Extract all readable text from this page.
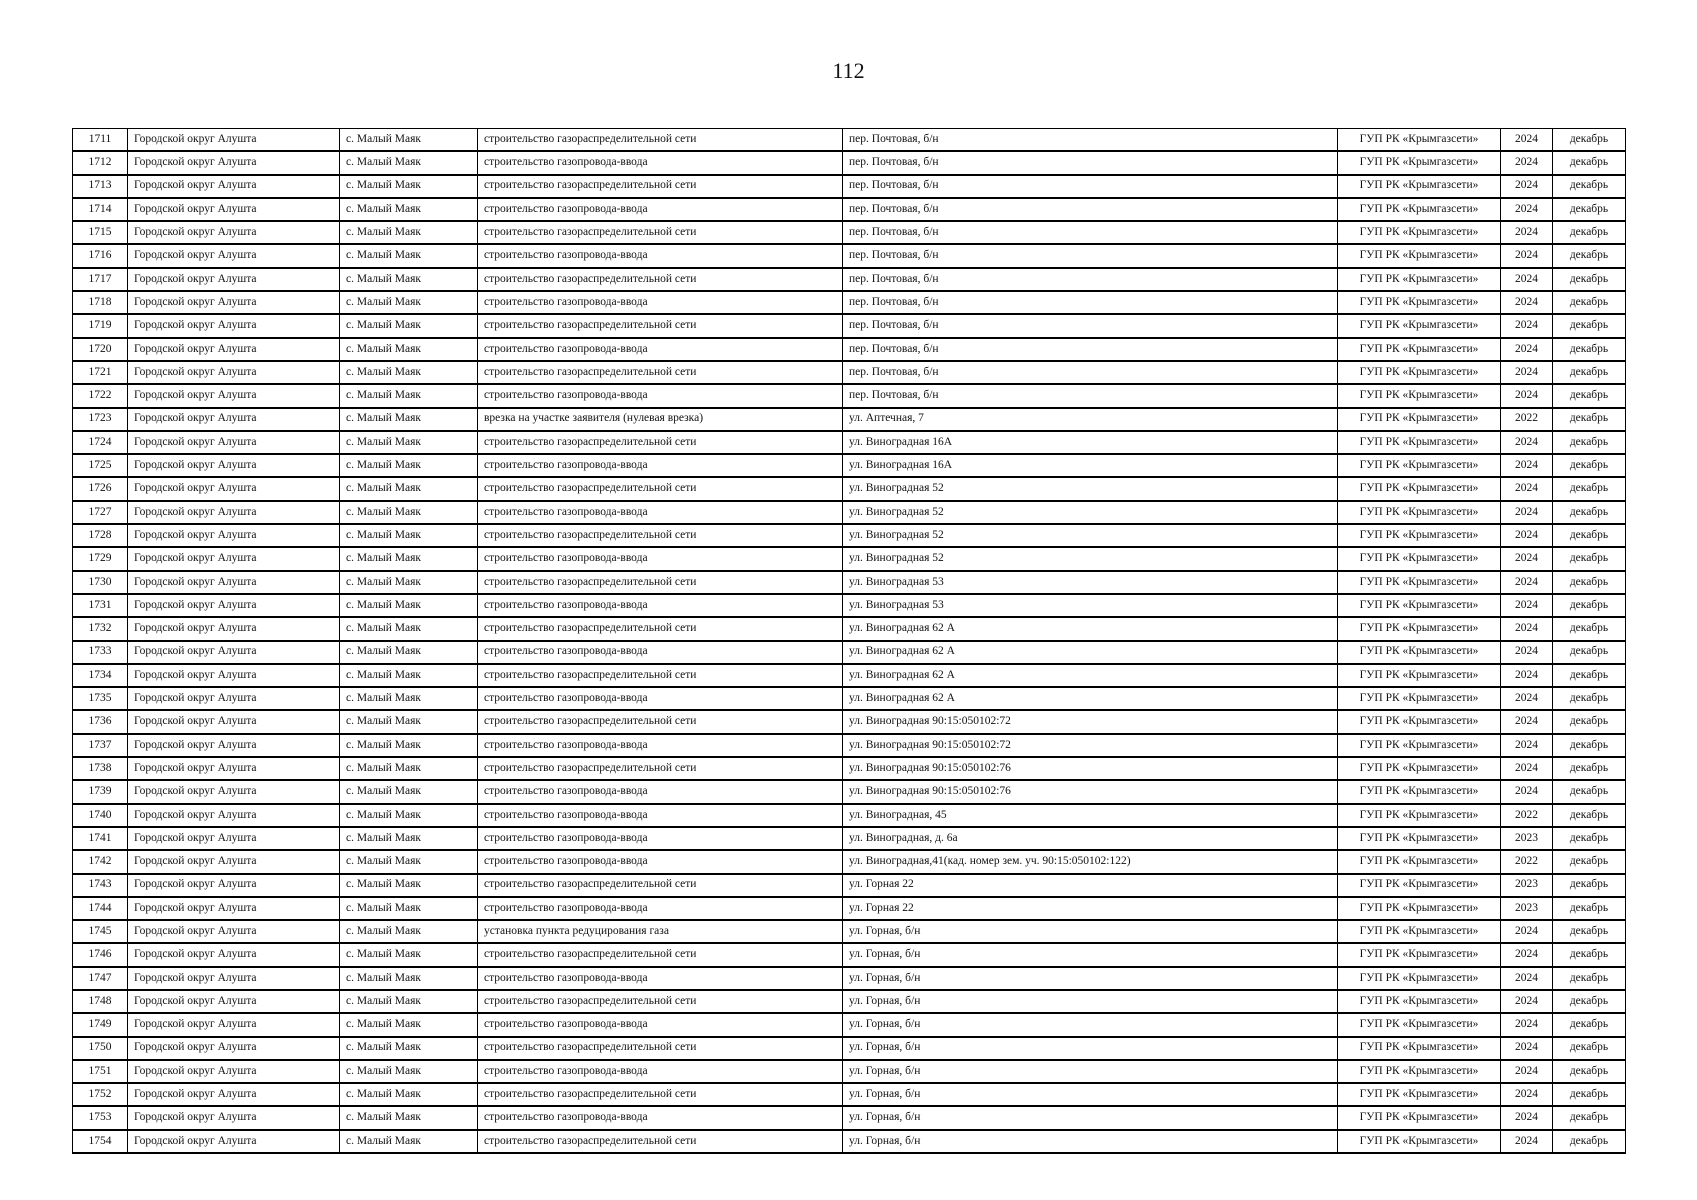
112
1711	Городской округ Алушта	с. Малый Маяк	строительство газораспределительной сети	пер. Почтовая, б/н	ГУП РК «Крымгазсети»	2024	декабрь
1712	Городской округ Алушта	с. Малый Маяк	строительство газопровода-ввода	пер. Почтовая, б/н	ГУП РК «Крымгазсети»	2024	декабрь
1713	Городской округ Алушта	с. Малый Маяк	строительство газораспределительной сети	пер. Почтовая, б/н	ГУП РК «Крымгазсети»	2024	декабрь
1714	Городской округ Алушта	с. Малый Маяк	строительство газопровода-ввода	пер. Почтовая, б/н	ГУП РК «Крымгазсети»	2024	декабрь
1715	Городской округ Алушта	с. Малый Маяк	строительство газораспределительной сети	пер. Почтовая, б/н	ГУП РК «Крымгазсети»	2024	декабрь
1716	Городской округ Алушта	с. Малый Маяк	строительство газопровода-ввода	пер. Почтовая, б/н	ГУП РК «Крымгазсети»	2024	декабрь
1717	Городской округ Алушта	с. Малый Маяк	строительство газораспределительной сети	пер. Почтовая, б/н	ГУП РК «Крымгазсети»	2024	декабрь
1718	Городской округ Алушта	с. Малый Маяк	строительство газопровода-ввода	пер. Почтовая, б/н	ГУП РК «Крымгазсети»	2024	декабрь
1719	Городской округ Алушта	с. Малый Маяк	строительство газораспределительной сети	пер. Почтовая, б/н	ГУП РК «Крымгазсети»	2024	декабрь
1720	Городской округ Алушта	с. Малый Маяк	строительство газопровода-ввода	пер. Почтовая, б/н	ГУП РК «Крымгазсети»	2024	декабрь
1721	Городской округ Алушта	с. Малый Маяк	строительство газораспределительной сети	пер. Почтовая, б/н	ГУП РК «Крымгазсети»	2024	декабрь
1722	Городской округ Алушта	с. Малый Маяк	строительство газопровода-ввода	пер. Почтовая, б/н	ГУП РК «Крымгазсети»	2024	декабрь
1723	Городской округ Алушта	с. Малый Маяк	врезка на участке заявителя (нулевая врезка)	ул. Аптечная, 7	ГУП РК «Крымгазсети»	2022	декабрь
1724	Городской округ Алушта	с. Малый Маяк	строительство газораспределительной сети	ул. Виноградная 16А	ГУП РК «Крымгазсети»	2024	декабрь
1725	Городской округ Алушта	с. Малый Маяк	строительство газопровода-ввода	ул. Виноградная 16А	ГУП РК «Крымгазсети»	2024	декабрь
1726	Городской округ Алушта	с. Малый Маяк	строительство газораспределительной сети	ул. Виноградная 52	ГУП РК «Крымгазсети»	2024	декабрь
1727	Городской округ Алушта	с. Малый Маяк	строительство газопровода-ввода	ул. Виноградная 52	ГУП РК «Крымгазсети»	2024	декабрь
1728	Городской округ Алушта	с. Малый Маяк	строительство газораспределительной сети	ул. Виноградная 52	ГУП РК «Крымгазсети»	2024	декабрь
1729	Городской округ Алушта	с. Малый Маяк	строительство газопровода-ввода	ул. Виноградная 52	ГУП РК «Крымгазсети»	2024	декабрь
1730	Городской округ Алушта	с. Малый Маяк	строительство газораспределительной сети	ул. Виноградная 53	ГУП РК «Крымгазсети»	2024	декабрь
1731	Городской округ Алушта	с. Малый Маяк	строительство газопровода-ввода	ул. Виноградная 53	ГУП РК «Крымгазсети»	2024	декабрь
1732	Городской округ Алушта	с. Малый Маяк	строительство газораспределительной сети	ул. Виноградная 62 А	ГУП РК «Крымгазсети»	2024	декабрь
1733	Городской округ Алушта	с. Малый Маяк	строительство газопровода-ввода	ул. Виноградная 62 А	ГУП РК «Крымгазсети»	2024	декабрь
1734	Городской округ Алушта	с. Малый Маяк	строительство газораспределительной сети	ул. Виноградная 62 А	ГУП РК «Крымгазсети»	2024	декабрь
1735	Городской округ Алушта	с. Малый Маяк	строительство газопровода-ввода	ул. Виноградная 62 А	ГУП РК «Крымгазсети»	2024	декабрь
1736	Городской округ Алушта	с. Малый Маяк	строительство газораспределительной сети	ул. Виноградная 90:15:050102:72	ГУП РК «Крымгазсети»	2024	декабрь
1737	Городской округ Алушта	с. Малый Маяк	строительство газопровода-ввода	ул. Виноградная 90:15:050102:72	ГУП РК «Крымгазсети»	2024	декабрь
1738	Городской округ Алушта	с. Малый Маяк	строительство газораспределительной сети	ул. Виноградная 90:15:050102:76	ГУП РК «Крымгазсети»	2024	декабрь
1739	Городской округ Алушта	с. Малый Маяк	строительство газопровода-ввода	ул. Виноградная 90:15:050102:76	ГУП РК «Крымгазсети»	2024	декабрь
1740	Городской округ Алушта	с. Малый Маяк	строительство газопровода-ввода	ул. Виноградная, 45	ГУП РК «Крымгазсети»	2022	декабрь
1741	Городской округ Алушта	с. Малый Маяк	строительство газопровода-ввода	ул. Виноградная, д. 6а	ГУП РК «Крымгазсети»	2023	декабрь
1742	Городской округ Алушта	с. Малый Маяк	строительство газопровода-ввода	ул. Виноградная,41(кад. номер зем. уч. 90:15:050102:122)	ГУП РК «Крымгазсети»	2022	декабрь
1743	Городской округ Алушта	с. Малый Маяк	строительство газораспределительной сети	ул. Горная 22	ГУП РК «Крымгазсети»	2023	декабрь
1744	Городской округ Алушта	с. Малый Маяк	строительство газопровода-ввода	ул. Горная 22	ГУП РК «Крымгазсети»	2023	декабрь
1745	Городской округ Алушта	с. Малый Маяк	установка пункта редуцирования газа	ул. Горная, б/н	ГУП РК «Крымгазсети»	2024	декабрь
1746	Городской округ Алушта	с. Малый Маяк	строительство газораспределительной сети	ул. Горная, б/н	ГУП РК «Крымгазсети»	2024	декабрь
1747	Городской округ Алушта	с. Малый Маяк	строительство газопровода-ввода	ул. Горная, б/н	ГУП РК «Крымгазсети»	2024	декабрь
1748	Городской округ Алушта	с. Малый Маяк	строительство газораспределительной сети	ул. Горная, б/н	ГУП РК «Крымгазсети»	2024	декабрь
1749	Городской округ Алушта	с. Малый Маяк	строительство газопровода-ввода	ул. Горная, б/н	ГУП РК «Крымгазсети»	2024	декабрь
1750	Городской округ Алушта	с. Малый Маяк	строительство газораспределительной сети	ул. Горная, б/н	ГУП РК «Крымгазсети»	2024	декабрь
1751	Городской округ Алушта	с. Малый Маяк	строительство газопровода-ввода	ул. Горная, б/н	ГУП РК «Крымгазсети»	2024	декабрь
1752	Городской округ Алушта	с. Малый Маяк	строительство газораспределительной сети	ул. Горная, б/н	ГУП РК «Крымгазсети»	2024	декабрь
1753	Городской округ Алушта	с. Малый Маяк	строительство газопровода-ввода	ул. Горная, б/н	ГУП РК «Крымгазсети»	2024	декабрь
1754	Городской округ Алушта	с. Малый Маяк	строительство газораспределительной сети	ул. Горная, б/н	ГУП РК «Крымгазсети»	2024	декабрь
